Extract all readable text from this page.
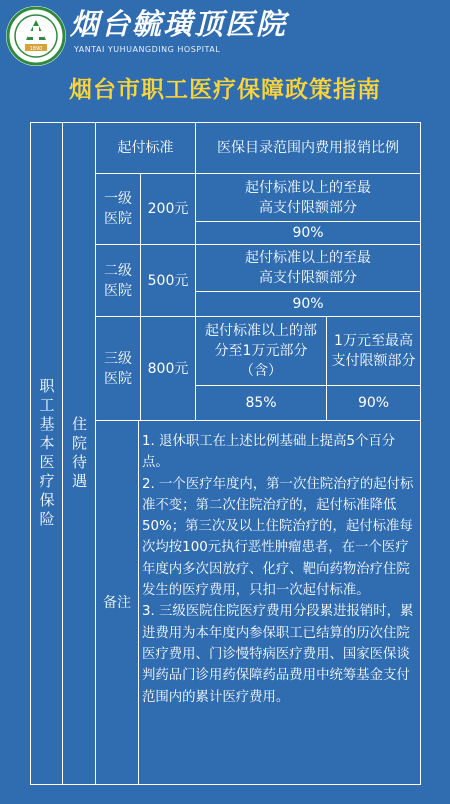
1890
烟台毓璜顶医院
YANTAI YUHUANGDING HOSPITAL
烟台市职工医疗保障政策指南
职工基本医疗保险 住院待遇
起付标准	医保目录范围内费用报销比例
一级医院
200元
起付标准以上的至最高支付限额部分
90%
二级医院
500元
起付标准以上的至最高支付限额部分
90%
三级医院
800元
起付标准以上的部分至1万元部分（含）
1万元至最高支付限额部分
85%	90%
备注

1. 退休职工在上述比例基础上提高5个百分点。

2. 一个医疗年度内，第一次住院治疗的起付标准不变；第二次住院治疗的，起付标准降低50%；第三次及以上住院治疗的，起付标准每次均按100元执行恶性肿瘤患者，在一个医疗年度内多次因放疗、化疗、靶向药物治疗住院发生的医疗费用，只扣一次起付标准。

3. 三级医院住院医疗费用分段累进报销时，累进费用为本年度内参保职工已结算的历次住院医疗费用、门诊慢特病医疗费用、国家医保谈判药品门诊用药保障药品费用中统筹基金支付范围内的累计医疗费用。
